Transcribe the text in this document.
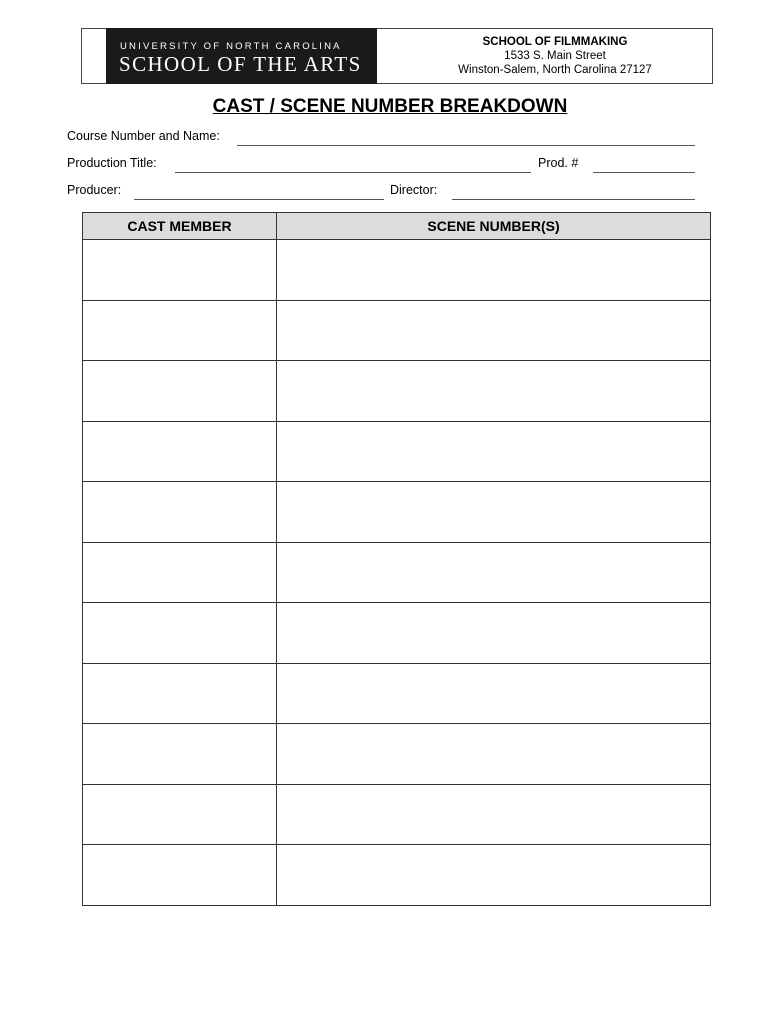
UNIVERSITY OF NORTH CAROLINA
SCHOOL OF THE ARTS
SCHOOL OF FILMMAKING
1533 S. Main Street
Winston-Salem, North Carolina 27127
CAST / SCENE NUMBER BREAKDOWN
Course Number and Name:
Production Title:	Prod. #
Producer:	Director:
CAST MEMBER	SCENE NUMBER(S)
